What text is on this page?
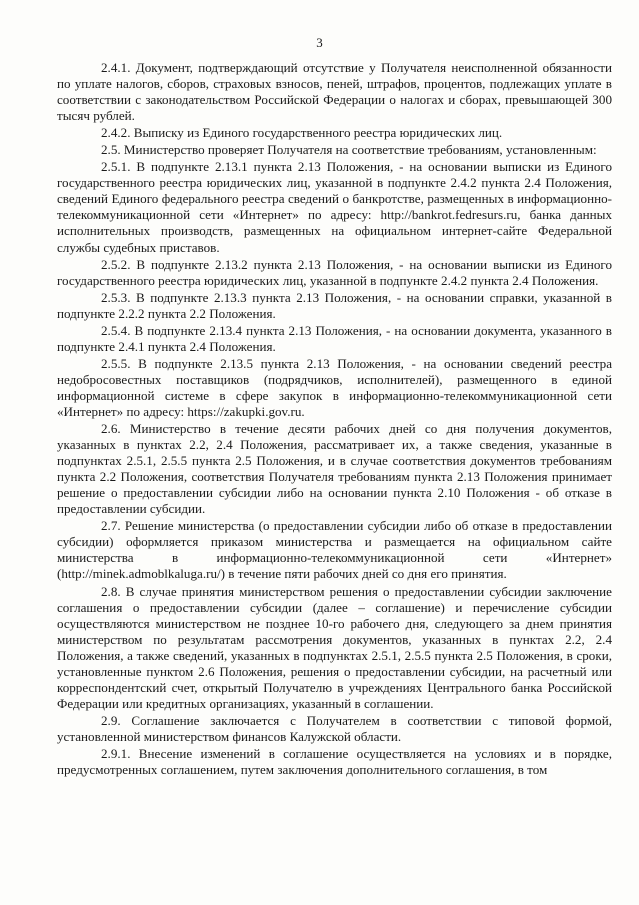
3

2.4.1. Документ, подтверждающий отсутствие у Получателя неисполненной обязанности по уплате налогов, сборов, страховых взносов, пеней, штрафов, процентов, подлежащих уплате в соответствии с законодательством Российской Федерации о налогах и сборах, превышающей 300 тысяч рублей.

2.4.2. Выписку из Единого государственного реестра юридических лиц.

2.5. Министерство проверяет Получателя на соответствие требованиям, установленным:

2.5.1. В подпункте 2.13.1 пункта 2.13 Положения, - на основании выписки из Единого государственного реестра юридических лиц, указанной в подпункте 2.4.2 пункта 2.4 Положения, сведений Единого федерального реестра сведений о банкротстве, размещенных в информационно-телекоммуникационной сети «Интернет» по адресу: http://bankrot.fedresurs.ru, банка данных исполнительных производств, размещенных на официальном интернет-сайте Федеральной службы судебных приставов.

2.5.2. В подпункте 2.13.2 пункта 2.13 Положения, - на основании выписки из Единого государственного реестра юридических лиц, указанной в подпункте 2.4.2 пункта 2.4 Положения.

2.5.3. В подпункте 2.13.3 пункта 2.13 Положения, - на основании справки, указанной в подпункте 2.2.2 пункта 2.2 Положения.

2.5.4. В подпункте 2.13.4 пункта 2.13 Положения, - на основании документа, указанного в подпункте 2.4.1 пункта 2.4 Положения.

2.5.5. В подпункте 2.13.5 пункта 2.13 Положения, - на основании сведений реестра недобросовестных поставщиков (подрядчиков, исполнителей), размещенного в единой информационной системе в сфере закупок в информационно-телекоммуникационной сети «Интернет» по адресу: https://zakupki.gov.ru.

2.6. Министерство в течение десяти рабочих дней со дня получения документов, указанных в пунктах 2.2, 2.4 Положения, рассматривает их, а также сведения, указанные в подпунктах 2.5.1, 2.5.5 пункта 2.5 Положения, и в случае соответствия документов требованиям пункта 2.2 Положения, соответствия Получателя требованиям пункта 2.13 Положения принимает решение о предоставлении субсидии либо на основании пункта 2.10 Положения - об отказе в предоставлении субсидии.

2.7. Решение министерства (о предоставлении субсидии либо об отказе в предоставлении субсидии) оформляется приказом министерства и размещается на официальном сайте министерства в информационно-телекоммуникационной сети «Интернет» (http://minek.admoblkaluga.ru/) в течение пяти рабочих дней со дня его принятия.

2.8. В случае принятия министерством решения о предоставлении субсидии заключение соглашения о предоставлении субсидии (далее – соглашение) и перечисление субсидии осуществляются министерством не позднее 10-го рабочего дня, следующего за днем принятия министерством по результатам рассмотрения документов, указанных в пунктах 2.2, 2.4 Положения, а также сведений, указанных в подпунктах 2.5.1, 2.5.5 пункта 2.5 Положения, в сроки, установленные пунктом 2.6 Положения, решения о предоставлении субсидии, на расчетный или корреспондентский счет, открытый Получателю в учреждениях Центрального банка Российской Федерации или кредитных организациях, указанный в соглашении.

2.9. Соглашение заключается с Получателем в соответствии с типовой формой, установленной министерством финансов Калужской области.

2.9.1. Внесение изменений в соглашение осуществляется на условиях и в порядке, предусмотренных соглашением, путем заключения дополнительного соглашения, в том
